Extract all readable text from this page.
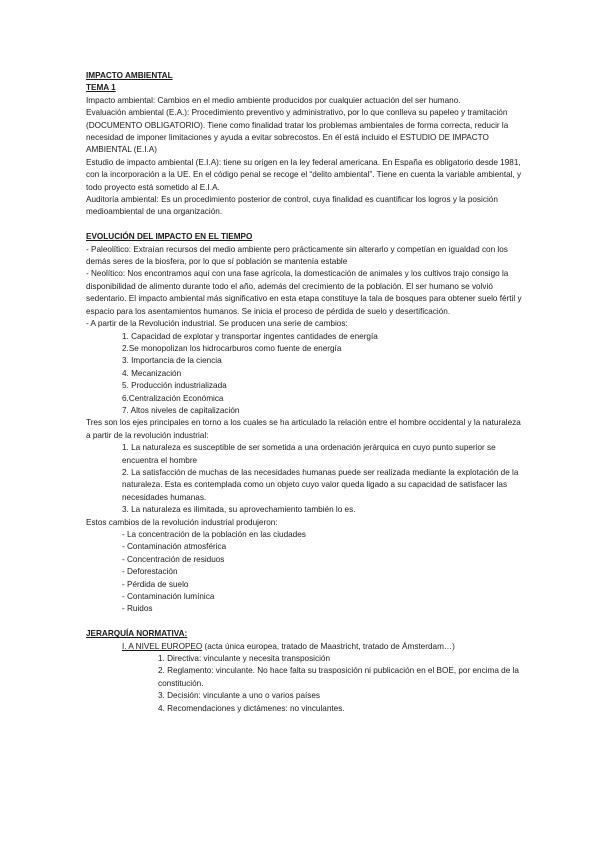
IMPACTO AMBIENTAL

TEMA 1

Impacto ambiental: Cambios en el medio ambiente producidos por cualquier actuación del ser humano.

Evaluación ambiental (E.A.): Procedimiento preventivo y administrativo, por lo que conlleva su papeleo y tramitación (DOCUMENTO OBLIGATORIO). Tiene como finalidad tratar los problemas ambientales de forma correcta, reducir la necesidad de imponer limitaciones y ayuda a evitar sobrecostos. En él está incluido el ESTUDIO DE IMPACTO AMBIENTAL (E.I.A)

Estudio de impacto ambiental (E.I.A): tiene su origen en la ley federal americana. En España es obligatorio desde 1981, con la incorporación a la UE. En el código penal se recoge el “delito ambiental”. Tiene en cuenta la variable ambiental, y todo proyecto está sometido al E.I.A.

Auditoría ambiental: Es un procedimiento posterior de control, cuya finalidad es cuantificar los logros y la posición medioambiental de una organización.

EVOLUCIÓN DEL IMPACTO EN EL TIEMPO

- Paleolítico: Extraían recursos del medio ambiente pero prácticamente sin alterarlo y competían en igualdad con los demás seres de la biosfera, por lo que sí población se mantenía estable

- Neolítico: Nos encontramos aquí con una fase agrícola, la domesticación de animales y los cultivos trajo consigo la disponibilidad de alimento durante todo el año, además del crecimiento de la población. El ser humano se volvió sedentario. El impacto ambiental más significativo en esta etapa constituye la tala de bosques para obtener suelo fértil y espacio para los asentamientos humanos. Se inicia el proceso de pérdida de suelo y desertificación.

- A partir de la Revolución industrial. Se producen una serie de cambios:

1. Capacidad de explotar y transportar ingentes cantidades de energía

2.Se monopolizan los hidrocarburos como fuente de energía

3. Importancia de la ciencia

4. Mecanización

5. Producción industrializada

6.Centralización Económica

7. Altos niveles de capitalización

Tres son los ejes principales en torno a los cuales se ha articulado la relación entre el hombre occidental y la naturaleza a partir de la revolución industrial:

1. La naturaleza es susceptible de ser sometida a una ordenación jerárquica en cuyo punto superior se encuentra el hombre

2. La satisfacción de muchas de las necesidades humanas puede ser realizada mediante la explotación de la naturaleza. Esta es contemplada como un objeto cuyo valor queda ligado a su capacidad de satisfacer las necesidades humanas.

3. La naturaleza es ilimitada, su aprovechamiento también lo es.

Estos cambios de la revolución industrial produjeron:

- La concentración de la población en las ciudades

- Contaminación atmosférica

- Concentración de residuos

- Deforestación

- Pérdida de suelo

- Contaminación lumínica

- Ruidos

JERARQUÍA NORMATIVA:

I. A NIVEL EUROPEO (acta única europea, tratado de Maastricht, tratado de Ámsterdam…)

1. Directiva: vinculante y necesita transposición

2. Reglamento: vinculante. No hace falta su trasposición ni publicación en el BOE, por encima de la constitución.

3. Decisión: vinculante a uno o varios países

4. Recomendaciones y dictámenes: no vinculantes.
